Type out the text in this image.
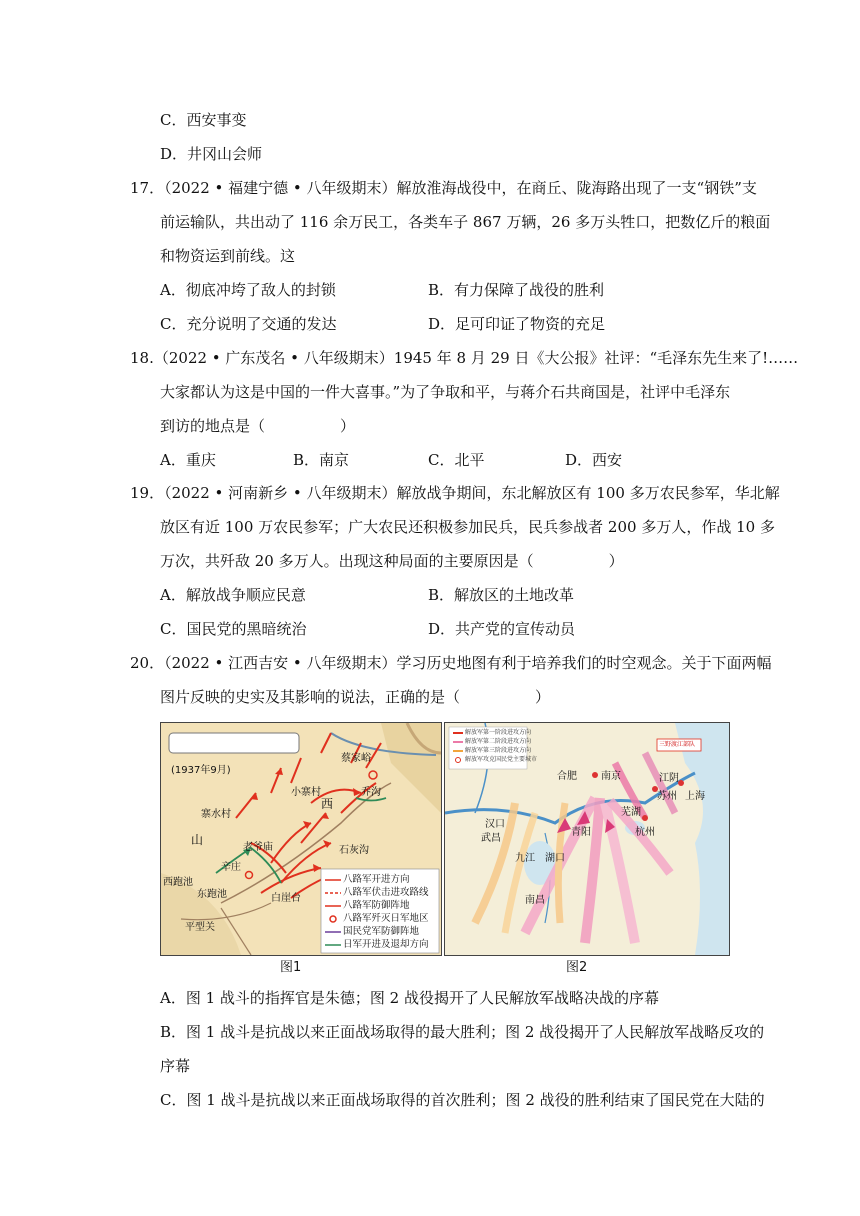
C．西安事变
D．井冈山会师
17．（2022 • 福建宁德 • 八年级期末）解放淮海战役中，在商丘、陇海路出现了一支“钢铁”支
前运输队，共出动了 116 余万民工，各类车子 867 万辆，26 多万头牲口，把数亿斤的粮面
和物资运到前线。这
A．彻底冲垮了敌人的封锁	B．有力保障了战役的胜利
C．充分说明了交通的发达	D．足可印证了物资的充足
18.（2022 • 广东茂名 • 八年级期末）1945 年 8 月 29 日《大公报》社评：“毛泽东先生来了!……
大家都认为这是中国的一件大喜事。”为了争取和平，与蒋介石共商国是，社评中毛泽东
到访的地点是（　　　　　）
A．重庆	B．南京	C．北平	D．西安
19．（2022 • 河南新乡 • 八年级期末）解放战争期间，东北解放区有 100 多万农民参军，华北解
放区有近 100 万农民参军；广大农民还积极参加民兵，民兵参战者 200 多万人，作战 10 多
万次，共歼敌 20 多万人。出现这种局面的主要原因是（　　　　　）
A．解放战争顺应民意	B．解放区的土地改革
C．国民党的黑暗统治	D．共产党的宣传动员
20．（2022 • 江西吉安 • 八年级期末）学习历史地图有利于培养我们的时空观念。关于下面两幅
图片反映的史实及其影响的说法，正确的是（　　　　　）
(1937年9月)
蔡家峪
小寨村	乔沟
寨水村
老爷庙
辛庄
石灰沟
西跑池
东跑池	白崖台
平型关
山
西
八路军开进方向
八路军伏击进攻路线
八路军防御阵地
八路军歼灭日军地区
国民党军防御阵地
日军开进及退却方向
图1
解放军第一阶段进攻方向
解放军第二阶段进攻方向
解放军第三阶段进攻方向
解放军攻克国民党主要城市
三野渡江部队
合肥 南京	江阴
苏州 上海
汉口
武昌
芜湖
杭州
九江 湖口
南昌
青阳
图2
A．图 1 战斗的指挥官是朱德；图 2 战役揭开了人民解放军战略决战的序幕
B．图 1 战斗是抗战以来正面战场取得的最大胜利；图 2 战役揭开了人民解放军战略反攻的
序幕
C．图 1 战斗是抗战以来正面战场取得的首次胜利；图 2 战役的胜利结束了国民党在大陆的
